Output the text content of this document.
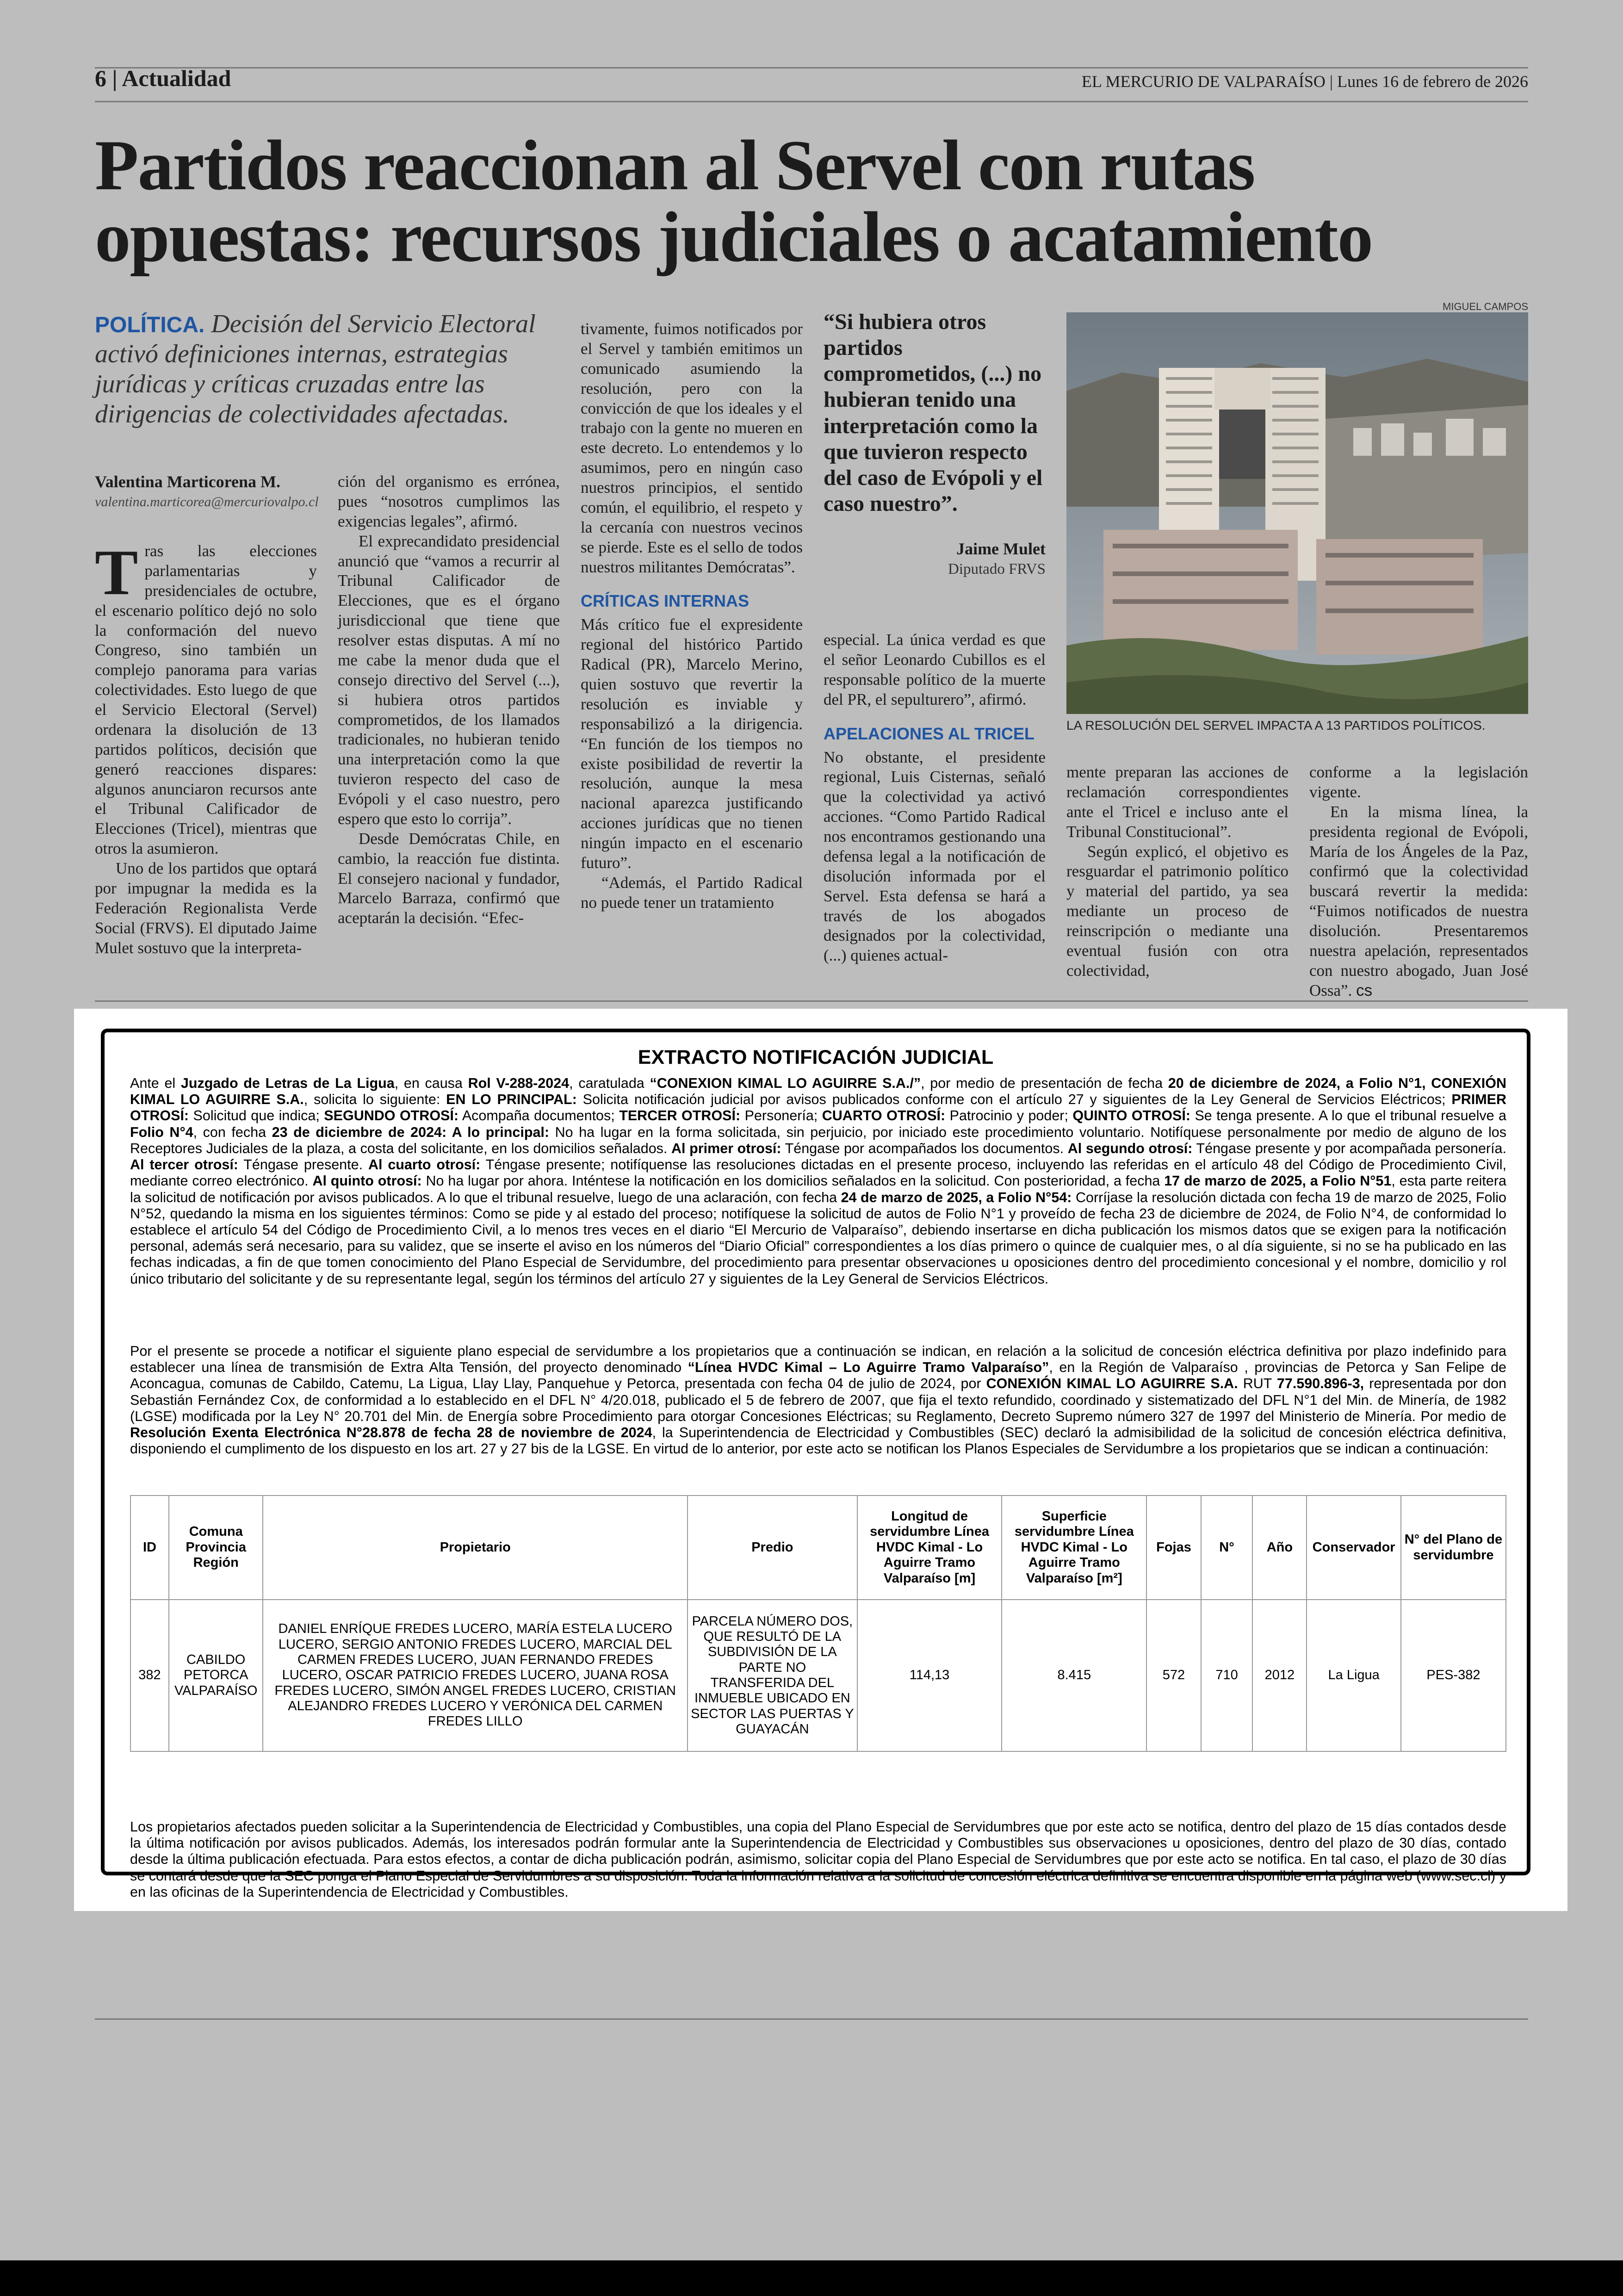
6 | Actualidad	EL MERCURIO DE VALPARAÍSO | Lunes 16 de febrero de 2026
Partidos reaccionan al Servel con rutas opuestas: recursos judiciales o acatamiento
POLÍTICA. Decisión del Servicio Electoral activó definiciones internas, estrategias jurídicas y críticas cruzadas entre las dirigencias de colectividades afectadas.
Valentina Marticorena M.
valentina.marticorea@mercuriovalpo.cl

Tras las elecciones parlamentarias y presidenciales de octubre, el escenario político dejó no solo la conformación del nuevo Congreso, sino también un complejo panorama para varias colectividades. Esto luego de que el Servicio Electoral (Servel) ordenara la disolución de 13 partidos políticos, decisión que generó reacciones dispares: algunos anunciaron recursos ante el Tribunal Calificador de Elecciones (Tricel), mientras que otros la asumieron.

Uno de los partidos que optará por impugnar la medida es la Federación Regionalista Verde Social (FRVS). El diputado Jaime Mulet sostuvo que la interpreta-

ción del organismo es errónea, pues “nosotros cumplimos las exigencias legales”, afirmó.

El exprecandidato presidencial anunció que “vamos a recurrir al Tribunal Calificador de Elecciones, que es el órgano jurisdiccional que tiene que resolver estas disputas. A mí no me cabe la menor duda que el consejo directivo del Servel (...), si hubiera otros partidos comprometidos, de los llamados tradicionales, no hubieran tenido una interpretación como la que tuvieron respecto del caso de Evópoli y el caso nuestro, pero espero que esto lo corrija”.

Desde Demócratas Chile, en cambio, la reacción fue distinta. El consejero nacional y fundador, Marcelo Barraza, confirmó que aceptarán la decisión. “Efec-

tivamente, fuimos notificados por el Servel y también emitimos un comunicado asumiendo la resolución, pero con la convicción de que los ideales y el trabajo con la gente no mueren en este decreto. Lo entendemos y lo asumimos, pero en ningún caso nuestros principios, el sentido común, el equilibrio, el respeto y la cercanía con nuestros vecinos se pierde. Este es el sello de todos nuestros militantes Demócratas”.

CRÍTICAS INTERNAS

Más crítico fue el expresidente regional del histórico Partido Radical (PR), Marcelo Merino, quien sostuvo que revertir la resolución es inviable y responsabilizó a la dirigencia. “En función de los tiempos no existe posibilidad de revertir la resolución, aunque la mesa nacional aparezca justificando acciones jurídicas que no tienen ningún impacto en el escenario futuro”.

“Además, el Partido Radical no puede tener un tratamiento

“Si hubiera otros partidos comprometidos, (...) no hubieran tenido una interpretación como la que tuvieron respecto del caso de Evópoli y el caso nuestro”.
Jaime Mulet
Diputado FRVS

especial. La única verdad es que el señor Leonardo Cubillos es el responsable político de la muerte del PR, el sepulturero”, afirmó.

APELACIONES AL TRICEL

No obstante, el presidente regional, Luis Cisternas, señaló que la colectividad ya activó acciones. “Como Partido Radical nos encontramos gestionando una defensa legal a la notificación de disolución informada por el Servel. Esta defensa se hará a través de los abogados designados por la colectividad, (...) quienes actual-

MIGUEL CAMPOS
LA RESOLUCIÓN DEL SERVEL IMPACTA A 13 PARTIDOS POLÍTICOS.

mente preparan las acciones de reclamación correspondientes ante el Tricel e incluso ante el Tribunal Constitucional”.

Según explicó, el objetivo es resguardar el patrimonio político y material del partido, ya sea mediante un proceso de reinscripción o mediante una eventual fusión con otra colectividad,

conforme a la legislación vigente.

En la misma línea, la presidenta regional de Evópoli, María de los Ángeles de la Paz, confirmó que la colectividad buscará revertir la medida: “Fuimos notificados de nuestra disolución. Presentaremos nuestra apelación, representados con nuestro abogado, Juan José Ossa”. cs

EXTRACTO NOTIFICACIÓN JUDICIAL
Ante el Juzgado de Letras de La Ligua, en causa Rol V-288-2024, caratulada “CONEXION KIMAL LO AGUIRRE S.A./”, por medio de presentación de fecha 20 de diciembre de 2024, a Folio N°1, CONEXIÓN KIMAL LO AGUIRRE S.A., solicita lo siguiente: EN LO PRINCIPAL: Solicita notificación judicial por avisos publicados conforme con el artículo 27 y siguientes de la Ley General de Servicios Eléctricos; PRIMER OTROSÍ: Solicitud que indica; SEGUNDO OTROSÍ: Acompaña documentos; TERCER OTROSÍ: Personería; CUARTO OTROSÍ: Patrocinio y poder; QUINTO OTROSÍ: Se tenga presente. A lo que el tribunal resuelve a Folio N°4, con fecha 23 de diciembre de 2024: A lo principal: No ha lugar en la forma solicitada, sin perjuicio, por iniciado este procedimiento voluntario. Notifíquese personalmente por medio de alguno de los Receptores Judiciales de la plaza, a costa del solicitante, en los domicilios señalados. Al primer otrosí: Téngase por acompañados los documentos. Al segundo otrosí: Téngase presente y por acompañada personería. Al tercer otrosí: Téngase presente. Al cuarto otrosí: Téngase presente; notifíquense las resoluciones dictadas en el presente proceso, incluyendo las referidas en el artículo 48 del Código de Procedimiento Civil, mediante correo electrónico. Al quinto otrosí: No ha lugar por ahora. Inténtese la notificación en los domicilios señalados en la solicitud. Con posterioridad, a fecha 17 de marzo de 2025, a Folio N°51, esta parte reitera la solicitud de notificación por avisos publicados. A lo que el tribunal resuelve, luego de una aclaración, con fecha 24 de marzo de 2025, a Folio N°54: Corríjase la resolución dictada con fecha 19 de marzo de 2025, Folio N°52, quedando la misma en los siguientes términos: Como se pide y al estado del proceso; notifíquese la solicitud de autos de Folio N°1 y proveído de fecha 23 de diciembre de 2024, de Folio N°4, de conformidad lo establece el artículo 54 del Código de Procedimiento Civil, a lo menos tres veces en el diario “El Mercurio de Valparaíso”, debiendo insertarse en dicha publicación los mismos datos que se exigen para la notificación personal, además será necesario, para su validez, que se inserte el aviso en los números del “Diario Oficial” correspondientes a los días primero o quince de cualquier mes, o al día siguiente, si no se ha publicado en las fechas indicadas, a fin de que tomen conocimiento del Plano Especial de Servidumbre, del procedimiento para presentar observaciones u oposiciones dentro del procedimiento concesional y el nombre, domicilio y rol único tributario del solicitante y de su representante legal, según los términos del artículo 27 y siguientes de la Ley General de Servicios Eléctricos.
Por el presente se procede a notificar el siguiente plano especial de servidumbre a los propietarios que a continuación se indican, en relación a la solicitud de concesión eléctrica definitiva por plazo indefinido para establecer una línea de transmisión de Extra Alta Tensión, del proyecto denominado “Línea HVDC Kimal – Lo Aguirre Tramo Valparaíso”, en la Región de Valparaíso , provincias de Petorca y San Felipe de Aconcagua, comunas de Cabildo, Catemu, La Ligua, Llay Llay, Panquehue y Petorca, presentada con fecha 04 de julio de 2024, por CONEXIÓN KIMAL LO AGUIRRE S.A. RUT 77.590.896-3, representada por don Sebastián Fernández Cox, de conformidad a lo establecido en el DFL N° 4/20.018, publicado el 5 de febrero de 2007, que fija el texto refundido, coordinado y sistematizado del DFL N°1 del Min. de Minería, de 1982 (LGSE) modificada por la Ley N° 20.701 del Min. de Energía sobre Procedimiento para otorgar Concesiones Eléctricas; su Reglamento, Decreto Supremo número 327 de 1997 del Ministerio de Minería. Por medio de Resolución Exenta Electrónica N°28.878 de fecha 28 de noviembre de 2024, la Superintendencia de Electricidad y Combustibles (SEC) declaró la admisibilidad de la solicitud de concesión eléctrica definitiva, disponiendo el cumplimento de los dispuesto en los art. 27 y 27 bis de la LGSE. En virtud de lo anterior, por este acto se notifican los Planos Especiales de Servidumbre a los propietarios que se indican a continuación:
ID	Comuna Provincia Región	Propietario	Predio	Longitud de servidumbre Línea HVDC Kimal - Lo Aguirre Tramo Valparaíso [m]	Superficie servidumbre Línea HVDC Kimal - Lo Aguirre Tramo Valparaíso [m²]	Fojas	N°	Año	Conservador	N° del Plano de servidumbre
382	CABILDO PETORCA VALPARAÍSO	DANIEL ENRÍQUE FREDES LUCERO, MARÍA ESTELA LUCERO LUCERO, SERGIO ANTONIO FREDES LUCERO, MARCIAL DEL CARMEN FREDES LUCERO, JUAN FERNANDO FREDES LUCERO, OSCAR PATRICIO FREDES LUCERO, JUANA ROSA FREDES LUCERO, SIMÓN ANGEL FREDES LUCERO, CRISTIAN ALEJANDRO FREDES LUCERO Y VERÓNICA DEL CARMEN FREDES LILLO	PARCELA NÚMERO DOS, QUE RESULTÓ DE LA SUBDIVISIÓN DE LA PARTE NO TRANSFERIDA DEL INMUEBLE UBICADO EN SECTOR LAS PUERTAS Y GUAYACÁN	114,13	8.415	572	710	2012	La Ligua	PES-382
Los propietarios afectados pueden solicitar a la Superintendencia de Electricidad y Combustibles, una copia del Plano Especial de Servidumbres que por este acto se notifica, dentro del plazo de 15 días contados desde la última notificación por avisos publicados. Además, los interesados podrán formular ante la Superintendencia de Electricidad y Combustibles sus observaciones u oposiciones, dentro del plazo de 30 días, contado desde la última publicación efectuada. Para estos efectos, a contar de dicha publicación podrán, asimismo, solicitar copia del Plano Especial de Servidumbres que por este acto se notifica. En tal caso, el plazo de 30 días se contará desde que la SEC ponga el Plano Especial de Servidumbres a su disposición. Toda la información relativa a la solicitud de concesión eléctrica definitiva se encuentra disponible en la página web (www.sec.cl) y en las oficinas de la Superintendencia de Electricidad y Combustibles.
